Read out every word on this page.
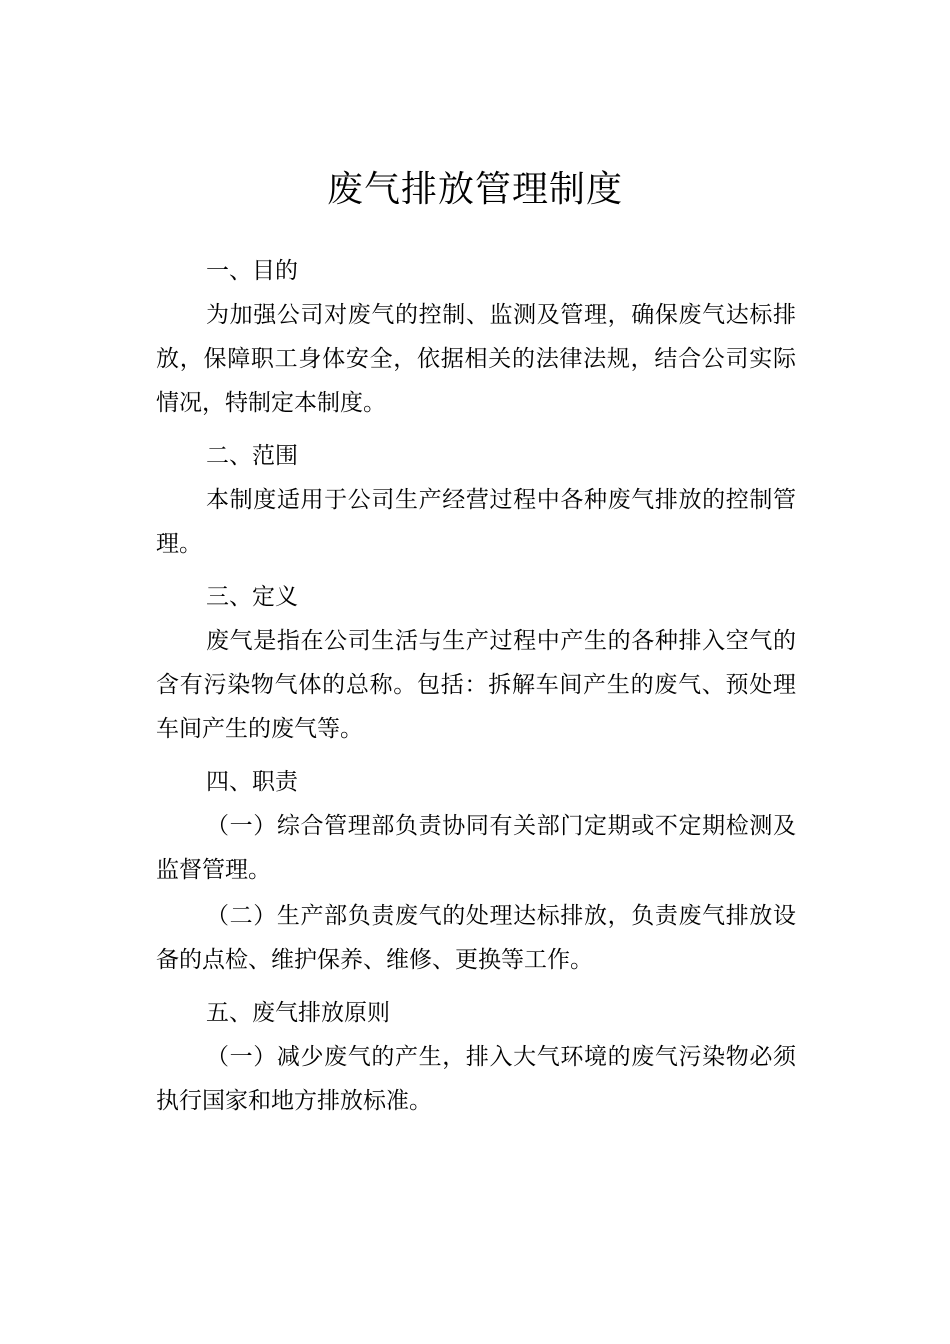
废气排放管理制度

一、目的

为加强公司对废气的控制、监测及管理，确保废气达标排放，保障职工身体安全，依据相关的法律法规，结合公司实际情况，特制定本制度。

二、范围

本制度适用于公司生产经营过程中各种废气排放的控制管理。

三、定义

废气是指在公司生活与生产过程中产生的各种排入空气的含有污染物气体的总称。包括：拆解车间产生的废气、预处理车间产生的废气等。

四、职责

（一）综合管理部负责协同有关部门定期或不定期检测及监督管理。

（二）生产部负责废气的处理达标排放，负责废气排放设备的点检、维护保养、维修、更换等工作。

五、废气排放原则

（一）减少废气的产生，排入大气环境的废气污染物必须执行国家和地方排放标准。
